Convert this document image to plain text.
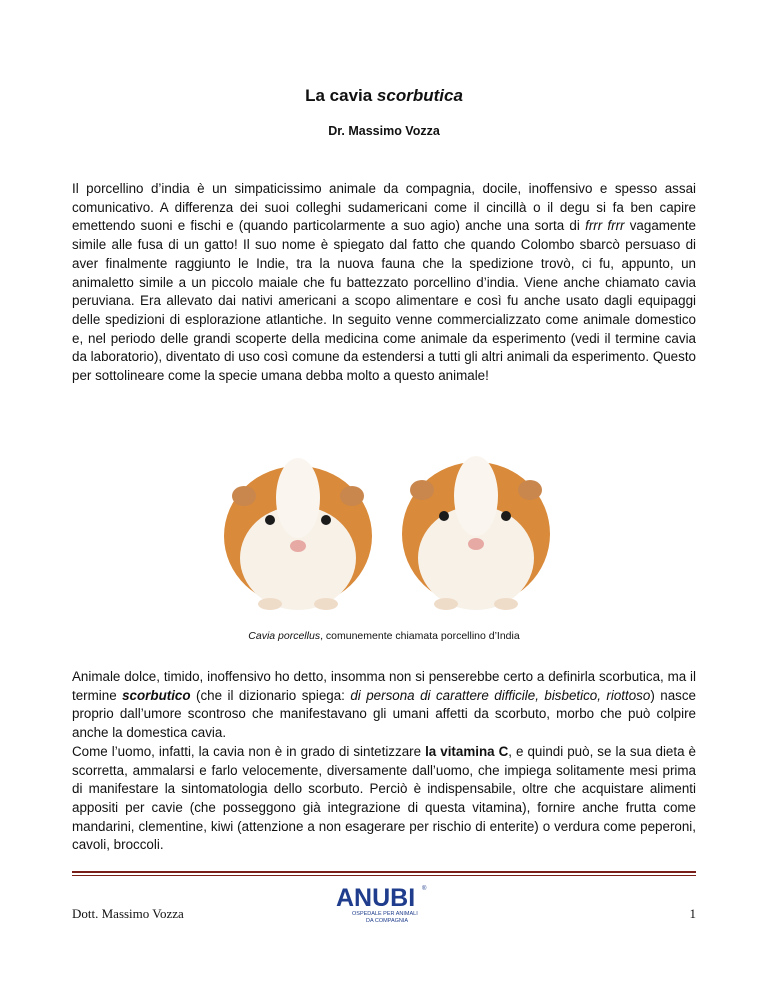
La cavia scorbutica
Dr. Massimo Vozza
Il porcellino d’india è un simpaticissimo animale da compagnia, docile, inoffensivo e spesso assai comunicativo. A differenza dei suoi colleghi sudamericani come il cincillà o il degu si fa ben capire emettendo suoni e fischi e (quando particolarmente a suo agio) anche una sorta di frrr frrr vagamente simile alle fusa di un gatto! Il suo nome è spiegato dal fatto che quando Colombo sbarcò persuaso di aver finalmente raggiunto le Indie, tra la nuova fauna che la spedizione trovò, ci fu, appunto, un animaletto simile a un piccolo maiale che fu battezzato porcellino d’india. Viene anche chiamato cavia peruviana. Era allevato dai nativi americani a scopo alimentare e così fu anche usato dagli equipaggi delle spedizioni di esplorazione atlantiche. In seguito venne commercializzato come animale domestico e, nel periodo delle grandi scoperte della medicina come animale da esperimento (vedi il termine cavia da laboratorio), diventato di uso così comune da estendersi a tutti gli altri animali da esperimento. Questo per sottolineare come la specie umana debba molto a questo animale!
Cavia porcellus, comunemente chiamata porcellino d’India
Animale dolce, timido, inoffensivo ho detto, insomma non si penserebbe certo a definirla scorbutica, ma il termine scorbutico (che il dizionario spiega: di persona di carattere difficile, bisbetico, riottoso) nasce proprio dall’umore scontroso che manifestavano gli umani affetti da scorbuto, morbo che può colpire anche la domestica cavia.
Come l’uomo, infatti, la cavia non è in grado di sintetizzare la vitamina C, e quindi può, se la sua dieta è scorretta, ammalarsi e farlo velocemente, diversamente dall’uomo, che impiega solitamente mesi prima di manifestare la sintomatologia dello scorbuto. Perciò è indispensabile, oltre che acquistare alimenti appositi per cavie (che posseggono già integrazione di questa vitamina), fornire anche frutta come mandarini, clementine, kiwi (attenzione a non esagerare per rischio di enterite) o verdura come peperoni, cavoli, broccoli.
Dott. Massimo Vozza
ANUBI ®
OSPEDALE PER ANIMALI
DA COMPAGNIA	1
